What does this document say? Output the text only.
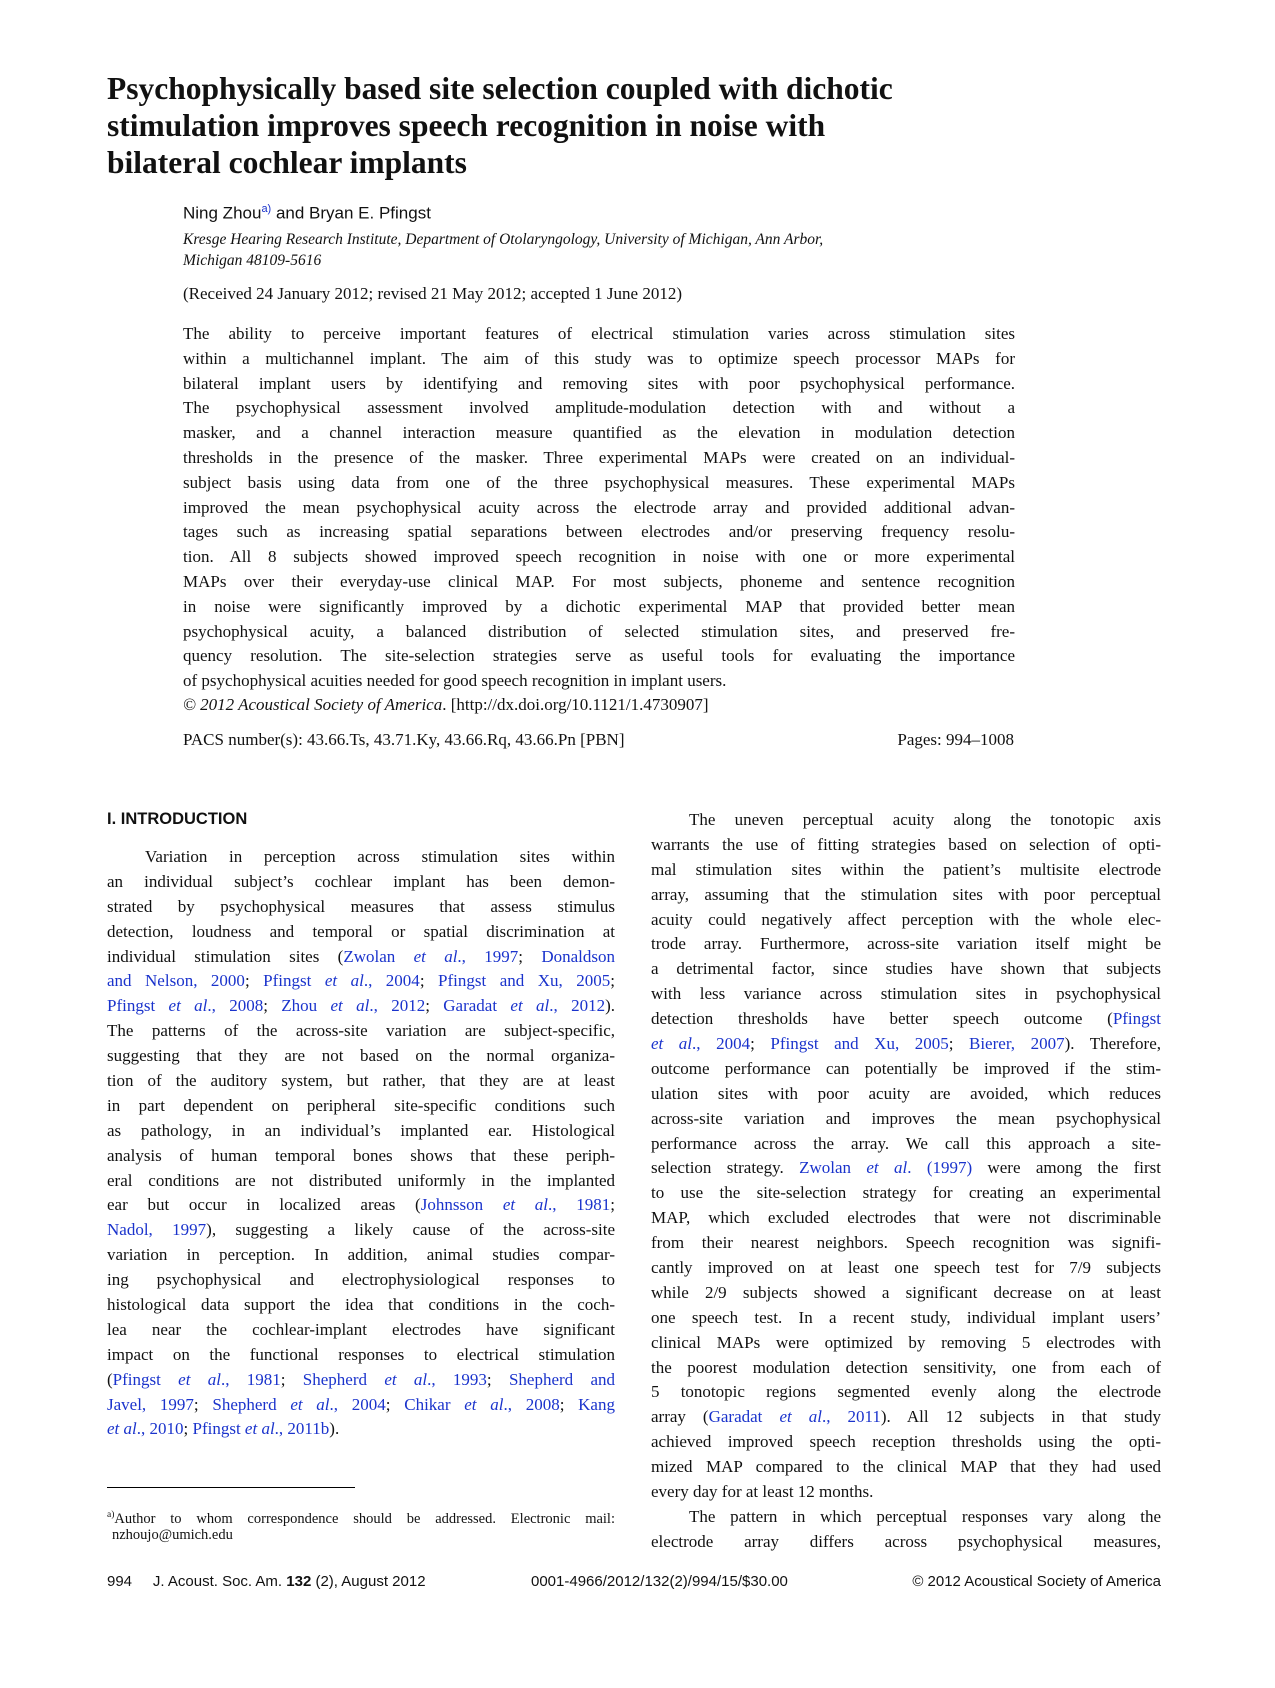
Psychophysically based site selection coupled with dichotic
stimulation improves speech recognition in noise with
bilateral cochlear implants
Ning Zhou$^{a)}$ and Bryan E. Pfingst
Kresge Hearing Research Institute, Department of Otolaryngology, University of Michigan, Ann Arbor,
Michigan 48109-5616
(Received 24 January 2012; revised 21 May 2012; accepted 1 June 2012)
The ability to perceive important features of electrical stimulation varies across stimulation sites
within a multichannel implant. The aim of this study was to optimize speech processor MAPs for
bilateral implant users by identifying and removing sites with poor psychophysical performance.
The psychophysical assessment involved amplitude-modulation detection with and without a
masker, and a channel interaction measure quantified as the elevation in modulation detection
thresholds in the presence of the masker. Three experimental MAPs were created on an individual-
subject basis using data from one of the three psychophysical measures. These experimental MAPs
improved the mean psychophysical acuity across the electrode array and provided additional advan-
tages such as increasing spatial separations between electrodes and/or preserving frequency resolu-
tion. All 8 subjects showed improved speech recognition in noise with one or more experimental
MAPs over their everyday-use clinical MAP. For most subjects, phoneme and sentence recognition
in noise were significantly improved by a dichotic experimental MAP that provided better mean
psychophysical acuity, a balanced distribution of selected stimulation sites, and preserved fre-
quency resolution. The site-selection strategies serve as useful tools for evaluating the importance
of psychophysical acuities needed for good speech recognition in implant users.
© 2012 Acoustical Society of America. [http://dx.doi.org/10.1121/1.4730907]
PACS number(s): 43.66.Ts, 43.71.Ky, 43.66.Rq, 43.66.Pn [PBN]	Pages: 994–1008
I. INTRODUCTION
Variation in perception across stimulation sites within
an individual subject’s cochlear implant has been demon-
strated by psychophysical measures that assess stimulus
detection, loudness and temporal or spatial discrimination at
individual stimulation sites (Zwolan et al., 1997; Donaldson
and Nelson, 2000; Pfingst et al., 2004; Pfingst and Xu, 2005;
Pfingst et al., 2008; Zhou et al., 2012; Garadat et al., 2012).
The patterns of the across-site variation are subject-specific,
suggesting that they are not based on the normal organiza-
tion of the auditory system, but rather, that they are at least
in part dependent on peripheral site-specific conditions such
as pathology, in an individual’s implanted ear. Histological
analysis of human temporal bones shows that these periph-
eral conditions are not distributed uniformly in the implanted
ear but occur in localized areas (Johnsson et al., 1981;
Nadol, 1997), suggesting a likely cause of the across-site
variation in perception. In addition, animal studies compar-
ing psychophysical and electrophysiological responses to
histological data support the idea that conditions in the coch-
lea near the cochlear-implant electrodes have significant
impact on the functional responses to electrical stimulation
(Pfingst et al., 1981; Shepherd et al., 1993; Shepherd and
Javel, 1997; Shepherd et al., 2004; Chikar et al., 2008; Kang
et al., 2010; Pfingst et al., 2011b).
The uneven perceptual acuity along the tonotopic axis
warrants the use of fitting strategies based on selection of opti-
mal stimulation sites within the patient’s multisite electrode
array, assuming that the stimulation sites with poor perceptual
acuity could negatively affect perception with the whole elec-
trode array. Furthermore, across-site variation itself might be
a detrimental factor, since studies have shown that subjects
with less variance across stimulation sites in psychophysical
detection thresholds have better speech outcome (Pfingst
et al., 2004; Pfingst and Xu, 2005; Bierer, 2007). Therefore,
outcome performance can potentially be improved if the stim-
ulation sites with poor acuity are avoided, which reduces
across-site variation and improves the mean psychophysical
performance across the array. We call this approach a site-
selection strategy. Zwolan et al. (1997) were among the first
to use the site-selection strategy for creating an experimental
MAP, which excluded electrodes that were not discriminable
from their nearest neighbors. Speech recognition was signifi-
cantly improved on at least one speech test for 7/9 subjects
while 2/9 subjects showed a significant decrease on at least
one speech test. In a recent study, individual implant users’
clinical MAPs were optimized by removing 5 electrodes with
the poorest modulation detection sensitivity, one from each of
5 tonotopic regions segmented evenly along the electrode
array (Garadat et al., 2011). All 12 subjects in that study
achieved improved speech reception thresholds using the opti-
mized MAP compared to the clinical MAP that they had used
every day for at least 12 months.
The pattern in which perceptual responses vary along the
electrode array differs across psychophysical measures,
$^{a)}$Author to whom correspondence should be addressed. Electronic mail:
nzhoujo@umich.edu
994 J. Acoust. Soc. Am. 132 (2), August 2012	0001-4966/2012/132(2)/994/15/$30.00	© 2012 Acoustical Society of America
